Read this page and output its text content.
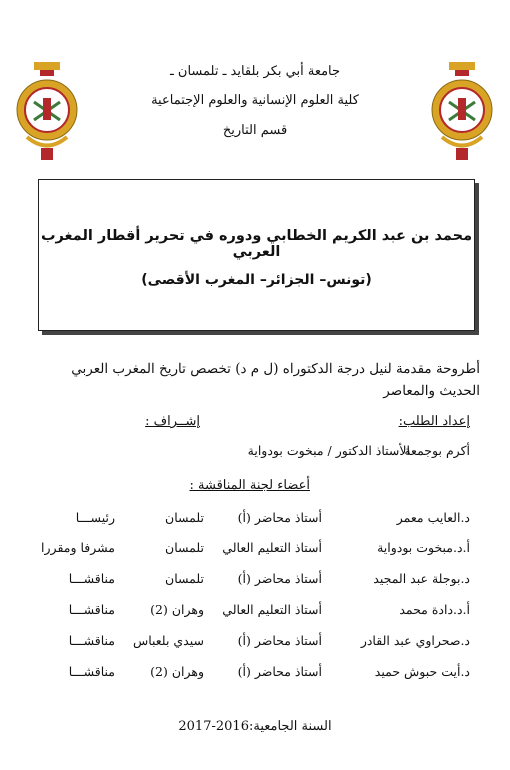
جامعة أبي بكر بلقايد ـ تلمسان ـ
كلية العلوم الإنسانية والعلوم الإجتماعية
قسم التاريخ
محمد بن عبد الكريم الخطابي ودوره في تحرير أقطار المغرب العربي
(تونس– الجزائر– المغرب الأقصى)
أطروحة مقدمة لنيل درجة الدكتوراه (ل م د) تخصص تاريخ المغرب العربي
الحديث والمعاصر
إعداد الطلب:
إشــراف :
أكرم بوجمعة
الأستاذ الدكتور / مبخوت بودواية
أعضاء لجنة المناقشة :
د.العايب معمر
أستاذ محاضر (أ)
تلمسان
رئيســـا
أ.د.مبخوت بودواية
أستاذ التعليم العالي
تلمسان
مشرفا ومقررا
د.بوجلة عبد المجيد
أستاذ محاضر (أ)
تلمسان
مناقشـــا
أ.د.دادة محمد
أستاذ التعليم العالي
وهران (2)
مناقشـــا
د.صحراوي عبد القادر
أستاذ محاضر (أ)
سيدي بلعباس
مناقشـــا
د.أيت حبوش حميد
أستاذ محاضر (أ)
وهران (2)
مناقشـــا
السنة الجامعية:2016-2017
